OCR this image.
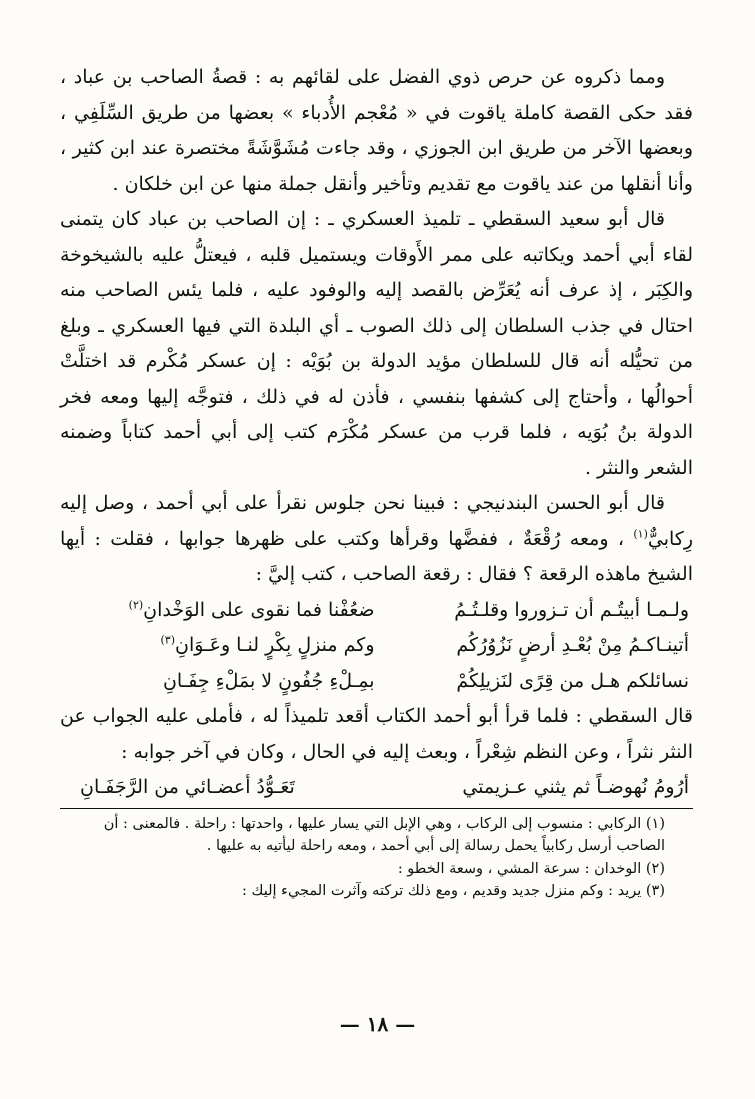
ومما ذكروه عن حرص ذوي الفضل على لقائهم به : قصةُ الصاحب بن عباد ، فقد حكى القصة كاملة ياقوت في « مُعْجم الأُدباء » بعضها من طريق السِّلَفِي ، وبعضها الآخر من طريق ابن الجوزي ، وقد جاءت مُشَوَّشَةً مختصرة عند ابن كثير ، وأنا أنقلها من عند ياقوت مع تقديم وتأخير وأنقل جملة منها عن ابن خلكان .

قال أبو سعيد السقطي ـ تلميذ العسكري ـ : إن الصاحب بن عباد كان يتمنى لقاء أبي أحمد ويكاتبه على ممر الأَوقات ويستميل قلبه ، فيعتلُّ عليه بالشيخوخة والكِبَر ، إذ عرف أنه يُعَرِّض بالقصد إليه والوفود عليه ، فلما يئس الصاحب منه احتال في جذب السلطان إلى ذلك الصوب ـ أي البلدة التي فيها العسكري ـ وبلغ من تحيُّله أنه قال للسلطان مؤيد الدولة بن بُوَيْه : إن عسكر مُكْرم قد اختلَّتْ أحوالُها ، وأحتاج إلى كشفها بنفسي ، فأذن له في ذلك ، فتوجَّه إليها ومعه فخر الدولة بنُ بُوَيه ، فلما قرب من عسكر مُكْرَم كتب إلى أبي أحمد كتاباً وضمنه الشعر والنثر .

قال أبو الحسن البندنيجي : فبينا نحن جلوس نقرأ على أبي أحمد ، وصل إليه رِكابيٌّ$^{(١)}$ ، ومعه رُقْعَةٌ ، ففضَّها وقرأها وكتب على ظهرها جوابها ، فقلت : أيها الشيخ ماهذه الرقعة ؟ فقال : رقعة الصاحب ، كتب إليَّ :

ولـمـا أبيتُـم أن تـزوروا وقلـتُـمُ
ضعُفْنا فما نقوى على الوَخْدانِ$^{(٢)}$
أتينـاكـمُ مِنْ بُعْـدِ أرضٍ نَزُوُرُكُم
وكم منزلٍ بِكْرٍ لنـا وعَـوَانِ$^{(٣)}$
نسائلكم هـل من قِرًى لنَزيلِكُمْ
بمِـلْءِ جُفُونٍ لا بمَلْءِ جِفَـانِ

قال السقطي : فلما قرأ أبو أحمد الكتاب أقعد تلميذاً له ، فأملى عليه الجواب عن النثر نثراً ، وعن النظم شِعْراً ، وبعث إليه في الحال ، وكان في آخر جوابه :

أرُومُ نُهوضـاً ثم يثني عـزيمتي
تَعَـوُّدُ أعضـائي من الرَّجَفَـانِ

(١) الركابي : منسوب إلى الركاب ، وهي الإبل التي يسار عليها ، واحدتها : راحلة . فالمعنى : أن الصاحب أرسل ركابياً يحمل رسالة إلى أبي أحمد ، ومعه راحلة ليأتيه به عليها .

(٢) الوخدان : سرعة المشي ، وسعة الخطو :

(٣) يريد : وكم منزل جديد وقديم ، ومع ذلك تركته وآثرت المجيء إليك :

— ١٨ —
